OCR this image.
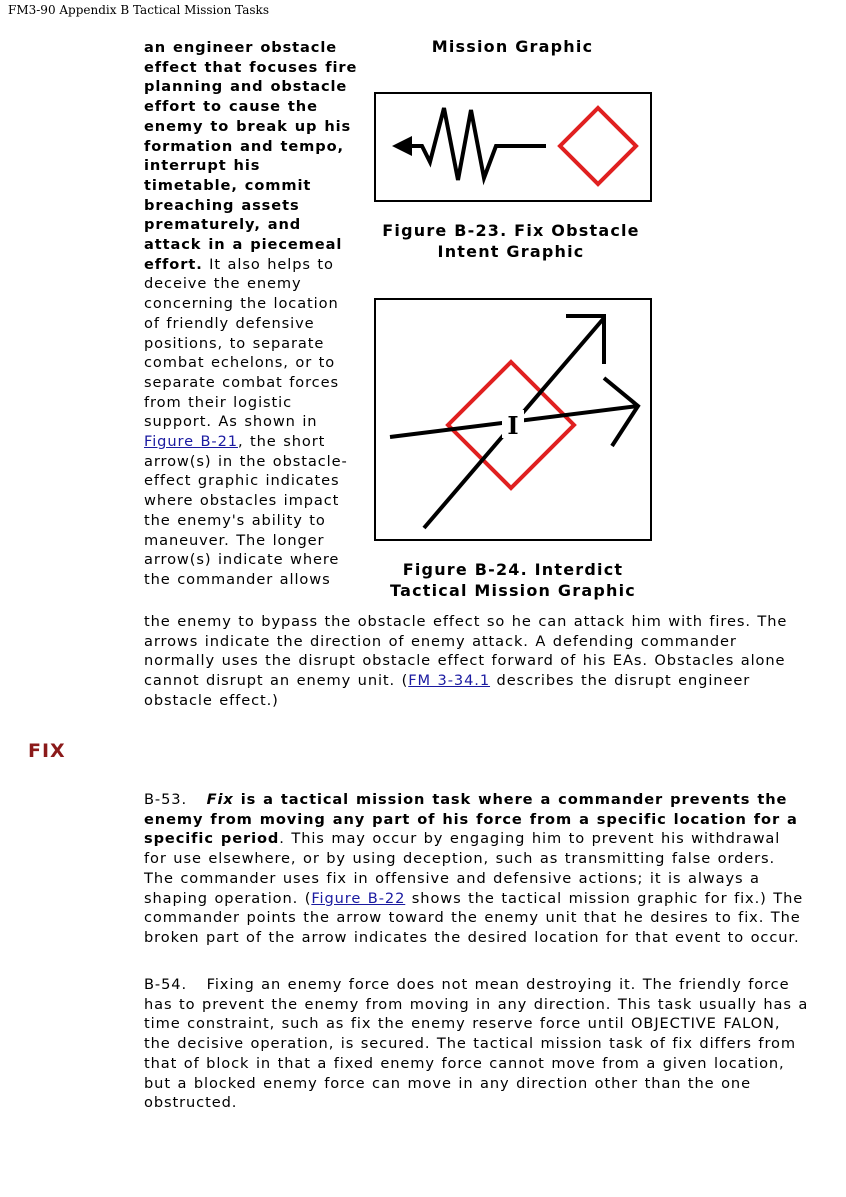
FM3-90 Appendix B Tactical Mission Tasks
an engineer obstacle effect that focuses fire planning and obstacle effort to cause the enemy to break up his formation and tempo, interrupt his timetable, commit breaching assets prematurely, and attack in a piecemeal effort. It also helps to deceive the enemy concerning the location of friendly defensive positions, to separate combat echelons, or to separate combat forces from their logistic support. As shown in Figure B-21, the short arrow(s) in the obstacle-effect graphic indicates where obstacles impact the enemy's ability to maneuver. The longer arrow(s) indicate where the commander allows
Mission Graphic
Figure B-23. Fix Obstacle Intent Graphic
I
Figure B-24. Interdict Tactical Mission Graphic
the enemy to bypass the obstacle effect so he can attack him with fires. The arrows indicate the direction of enemy attack. A defending commander normally uses the disrupt obstacle effect forward of his EAs. Obstacles alone cannot disrupt an enemy unit. (FM 3-34.1 describes the disrupt engineer obstacle effect.)
FIX
B-53. Fix is a tactical mission task where a commander prevents the enemy from moving any part of his force from a specific location for a specific period. This may occur by engaging him to prevent his withdrawal for use elsewhere, or by using deception, such as transmitting false orders. The commander uses fix in offensive and defensive actions; it is always a shaping operation. (Figure B-22 shows the tactical mission graphic for fix.) The commander points the arrow toward the enemy unit that he desires to fix. The broken part of the arrow indicates the desired location for that event to occur.
B-54. Fixing an enemy force does not mean destroying it. The friendly force has to prevent the enemy from moving in any direction. This task usually has a time constraint, such as fix the enemy reserve force until OBJECTIVE FALON, the decisive operation, is secured. The tactical mission task of fix differs from that of block in that a fixed enemy force cannot move from a given location, but a blocked enemy force can move in any direction other than the one obstructed.
